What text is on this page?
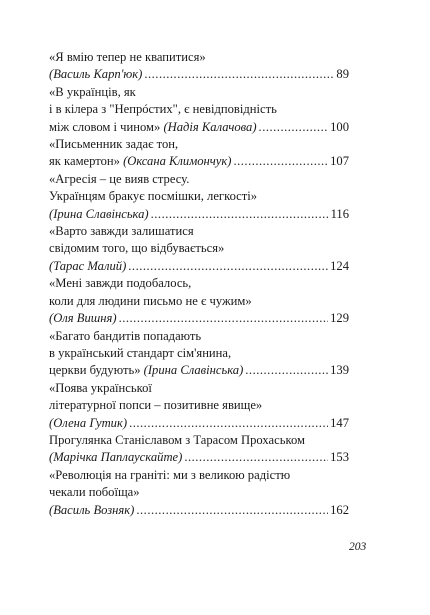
«Я вмію тепер не квапитися»
(Василь Карп'юк) .....	89
«В українців, як
і в кілера з "Непрóстих", є невідповідність
між словом і чином» (Надія Калачова) .....	100
«Письменник задає тон,
як камертон» (Оксана Климончук) .....	107
«Агресія – це вияв стресу.
Українцям бракує посмішки, легкості»
(Ірина Славінська) .....	116
«Варто завжди залишатися
свідомим того, що відбувається»
(Тарас Малий) .....	124
«Мені завжди подобалось,
коли для людини письмо не є чужим»
(Оля Вишня) .....	129
«Багато бандитів попадають
в український стандарт сім'янина,
церкви будують» (Ірина Славінська) .....	139
«Поява української
літературної попси – позитивне явище»
(Олена Гутик) .....	147
Прогулянка Станіславом з Тарасом Прохаськом
(Марічка Паплаускайте) .....	153
«Революція на граніті: ми з великою радістю
чекали побоїща»
(Василь Возняк) .....	162
203
